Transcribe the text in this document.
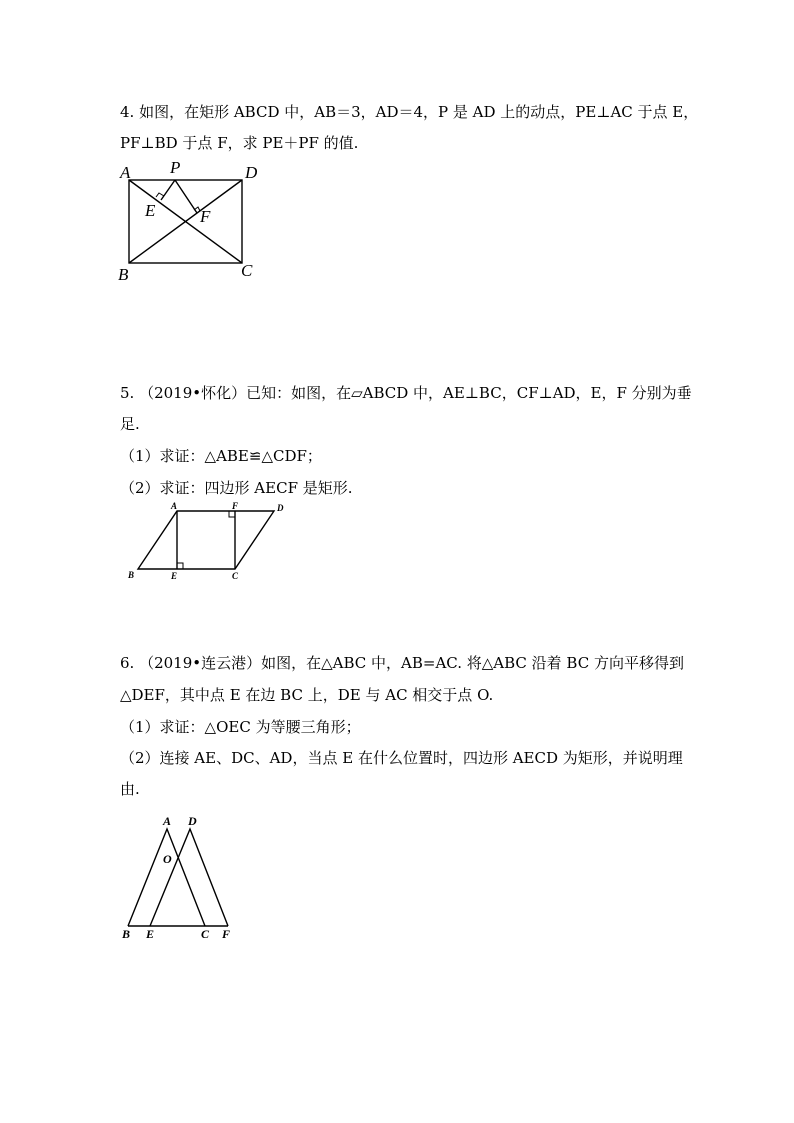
4. 如图，在矩形 ABCD 中，AB＝3，AD＝4，P 是 AD 上的动点，PE⊥AC 于点 E，
PF⊥BD 于点 F，求 PE＋PF 的值.
A P	D
E	F
B	C
5. （2019•怀化）已知：如图，在▱ABCD 中，AE⊥BC，CF⊥AD，E，F 分别为垂
足.
（1）求证：△ABE≌△CDF；
（2）求证：四边形 AECF 是矩形.
A	F	D
B	E	C
6. （2019•连云港）如图，在△ABC 中，AB=AC. 将△ABC 沿着 BC 方向平移得到
△DEF，其中点 E 在边 BC 上，DE 与 AC 相交于点 O.
（1）求证：△OEC 为等腰三角形；
（2）连接 AE、DC、AD，当点 E 在什么位置时，四边形 AECD 为矩形，并说明理
由.
A D
O
B E	C F
